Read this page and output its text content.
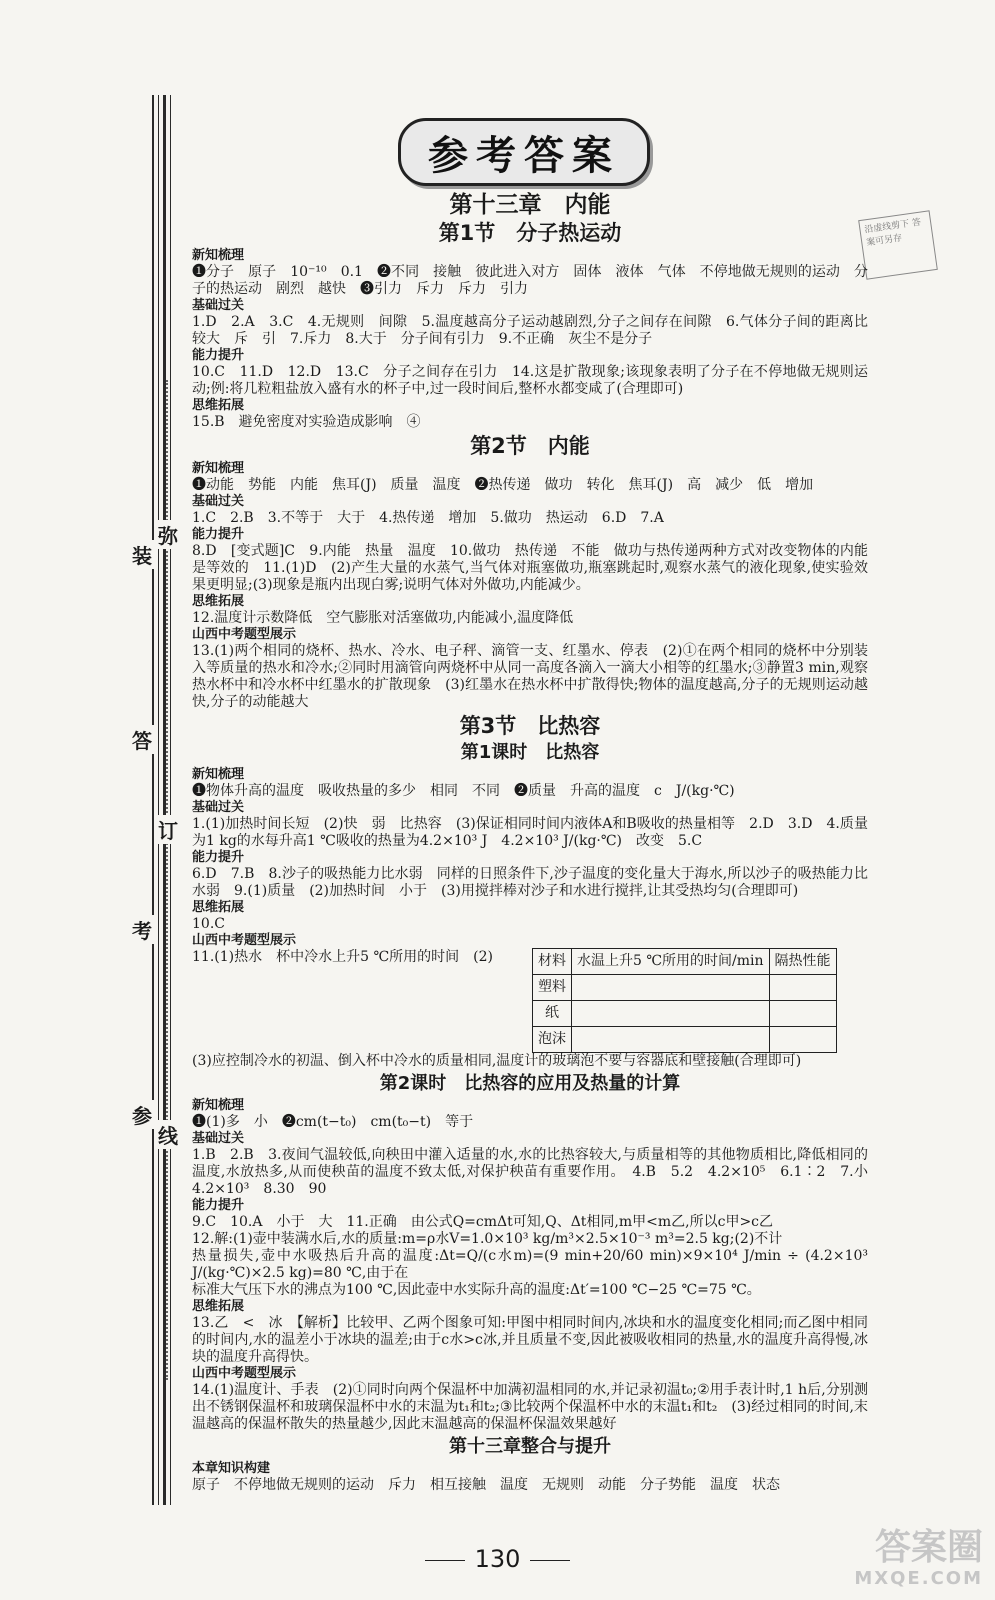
弥
装
答
订
考
参
线
参考答案
沿虚线剪下 答案可另存
第十三章　内能
第1节　分子热运动
新知梳理

❶分子　原子　10⁻¹⁰　0.1　❷不同　接触　彼此进入对方　固体　液体　气体　不停地做无规则的运动　分子的热运动　剧烈　越快　❸引力　斥力　斥力　引力

基础过关

1.D　2.A　3.C　4.无规则　间隙　5.温度越高分子运动越剧烈,分子之间存在间隙　6.气体分子间的距离比较大　斥　引　7.斥力　8.大于　分子间有引力　9.不正确　灰尘不是分子

能力提升

10.C　11.D　12.D　13.C　分子之间存在引力　14.这是扩散现象;该现象表明了分子在不停地做无规则运动;例:将几粒粗盐放入盛有水的杯子中,过一段时间后,整杯水都变咸了(合理即可)

思维拓展

15.B　避免密度对实验造成影响　④

第2节　内能
新知梳理

❶动能　势能　内能　焦耳(J)　质量　温度　❷热传递　做功　转化　焦耳(J)　高　减少　低　增加

基础过关

1.C　2.B　3.不等于　大于　4.热传递　增加　5.做功　热运动　6.D　7.A

能力提升

8.D　[变式题]C　9.内能　热量　温度　10.做功　热传递　不能　做功与热传递两种方式对改变物体的内能是等效的　11.(1)D　(2)产生大量的水蒸气,当气体对瓶塞做功,瓶塞跳起时,观察水蒸气的液化现象,使实验效果更明显;(3)现象是瓶内出现白雾;说明气体对外做功,内能减少。

思维拓展

12.温度计示数降低　空气膨胀对活塞做功,内能减小,温度降低

山西中考题型展示

13.(1)两个相同的烧杯、热水、冷水、电子秤、滴管一支、红墨水、停表　(2)①在两个相同的烧杯中分别装入等质量的热水和冷水;②同时用滴管向两烧杯中从同一高度各滴入一滴大小相等的红墨水;③静置3 min,观察热水杯中和冷水杯中红墨水的扩散现象　(3)红墨水在热水杯中扩散得快;物体的温度越高,分子的无规则运动越快,分子的动能越大

第3节　比热容
第1课时　比热容
新知梳理

❶物体升高的温度　吸收热量的多少　相同　不同　❷质量　升高的温度　c　J/(kg·℃)

基础过关

1.(1)加热时间长短　(2)快　弱　比热容　(3)保证相同时间内液体A和B吸收的热量相等　2.D　3.D　4.质量为1 kg的水每升高1 ℃吸收的热量为4.2×10³ J　4.2×10³ J/(kg·℃)　改变　5.C

能力提升

6.D　7.B　8.沙子的吸热能力比水弱　同样的日照条件下,沙子温度的变化量大于海水,所以沙子的吸热能力比水弱　9.(1)质量　(2)加热时间　小于　(3)用搅拌棒对沙子和水进行搅拌,让其受热均匀(合理即可)

思维拓展

10.C

山西中考题型展示

11.(1)热水　杯中冷水上升5 ℃所用的时间　(2)	材料	水温上升5 ℃所用的时间/min	隔热性能
塑料		
纸		
泡沫		

(3)应控制冷水的初温、倒入杯中冷水的质量相同,温度计的玻璃泡不要与容器底和壁接触(合理即可)

第2课时　比热容的应用及热量的计算
新知梳理

❶(1)多　小　❷cm(t−t₀)　cm(t₀−t)　等于

基础过关

1.B　2.B　3.夜间气温较低,向秧田中灌入适量的水,水的比热容较大,与质量相等的其他物质相比,降低相同的温度,水放热多,从而使秧苗的温度不致太低,对保护秧苗有重要作用。　4.B　5.2　4.2×10⁵　6.1∶2　7.小　4.2×10³　8.30　90

能力提升

9.C　10.A　小于　大　11.正确　由公式Q=cmΔt可知,Q、Δt相同,m甲<m乙,所以c甲>c乙

12.解:(1)壶中装满水后,水的质量:m=ρ水V=1.0×10³ kg/m³×2.5×10⁻³ m³=2.5 kg;(2)不计

热量损失,壶中水吸热后升高的温度:Δt=Q/(c水m)=(9 min+20/60 min)×9×10⁴ J/min ÷ (4.2×10³ J/(kg·℃)×2.5 kg)=80 ℃,由于在

标准大气压下水的沸点为100 ℃,因此壶中水实际升高的温度:Δt′=100 ℃−25 ℃=75 ℃。

思维拓展

13.乙　<　冰　【解析】比较甲、乙两个图象可知:甲图中相同时间内,冰块和水的温度变化相同;而乙图中相同的时间内,水的温差小于冰块的温差;由于c水>c冰,并且质量不变,因此被吸收相同的热量,水的温度升高得慢,冰块的温度升高得快。

山西中考题型展示

14.(1)温度计、手表　(2)①同时向两个保温杯中加满初温相同的水,并记录初温t₀;②用手表计时,1 h后,分别测出不锈钢保温杯和玻璃保温杯中水的末温为t₁和t₂;③比较两个保温杯中水的末温t₁和t₂　(3)经过相同的时间,末温越高的保温杯散失的热量越少,因此末温越高的保温杯保温效果越好

第十三章整合与提升
本章知识构建

原子　不停地做无规则的运动　斥力　相互接触　温度　无规则　动能　分子势能　温度　状态

130	答案圈
MXQE.COM
